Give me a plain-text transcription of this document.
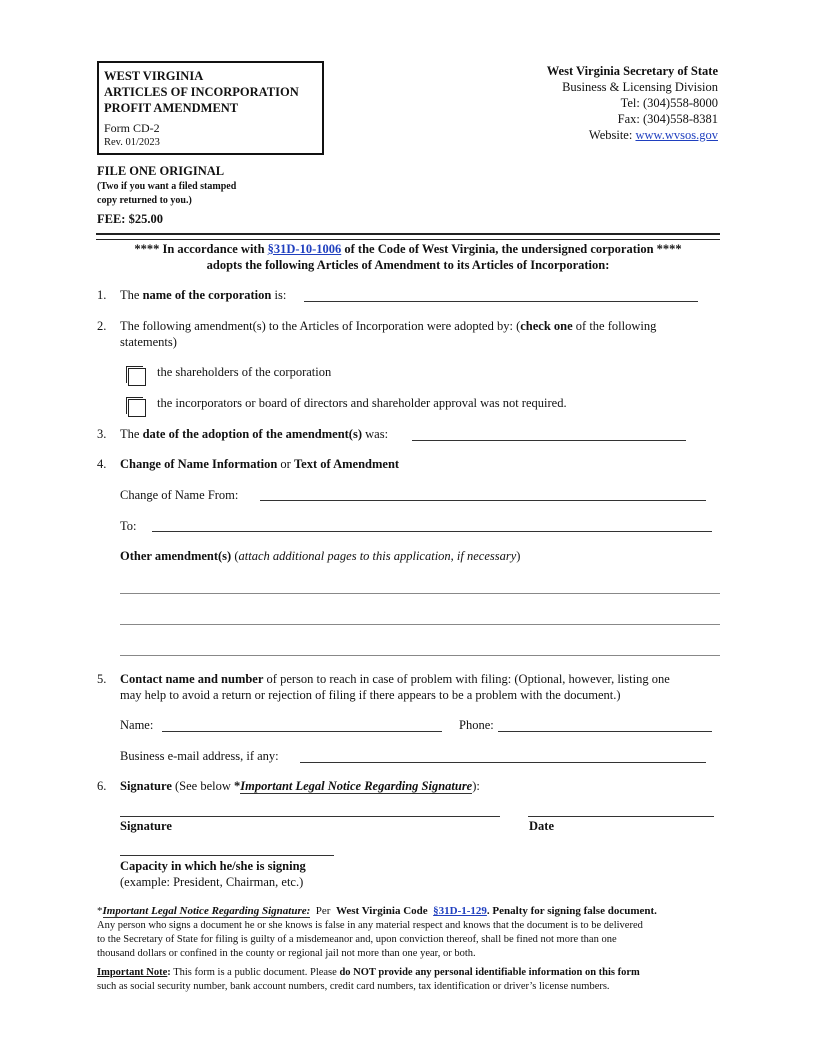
WEST VIRGINIA
ARTICLES OF INCORPORATION
PROFIT AMENDMENT
Form CD-2
Rev. 01/2023
West Virginia Secretary of State
Business & Licensing Division
Tel: (304)558-8000
Fax: (304)558-8381
Website: www.wvsos.gov
FILE ONE ORIGINAL
(Two if you want a filed stamped
copy returned to you.)
FEE: $25.00
**** In accordance with §31D-10-1006 of the Code of West Virginia, the undersigned corporation ****
adopts the following Articles of Amendment to its Articles of Incorporation:
1. The name of the corporation is:
2. The following amendment(s) to the Articles of Incorporation were adopted by: (check one of the following
statements)
the shareholders of the corporation
the incorporators or board of directors and shareholder approval was not required.
3. The date of the adoption of the amendment(s) was:
4. Change of Name Information or Text of Amendment
Change of Name From:
To:
Other amendment(s) (attach additional pages to this application, if necessary)
5. Contact name and number of person to reach in case of problem with filing: (Optional, however, listing one
may help to avoid a return or rejection of filing if there appears to be a problem with the document.)
Name:	Phone:
Business e-mail address, if any:
6. Signature (See below *Important Legal Notice Regarding Signature):
Signature	Date
Capacity in which he/she is signing
(example: President, Chairman, etc.)
*Important Legal Notice Regarding Signature: Per West Virginia Code §31D-1-129. Penalty for signing false document.
Any person who signs a document he or she knows is false in any material respect and knows that the document is to be delivered
to the Secretary of State for filing is guilty of a misdemeanor and, upon conviction thereof, shall be fined not more than one
thousand dollars or confined in the county or regional jail not more than one year, or both.
Important Note: This form is a public document. Please do NOT provide any personal identifiable information on this form
such as social security number, bank account numbers, credit card numbers, tax identification or driver’s license numbers.
